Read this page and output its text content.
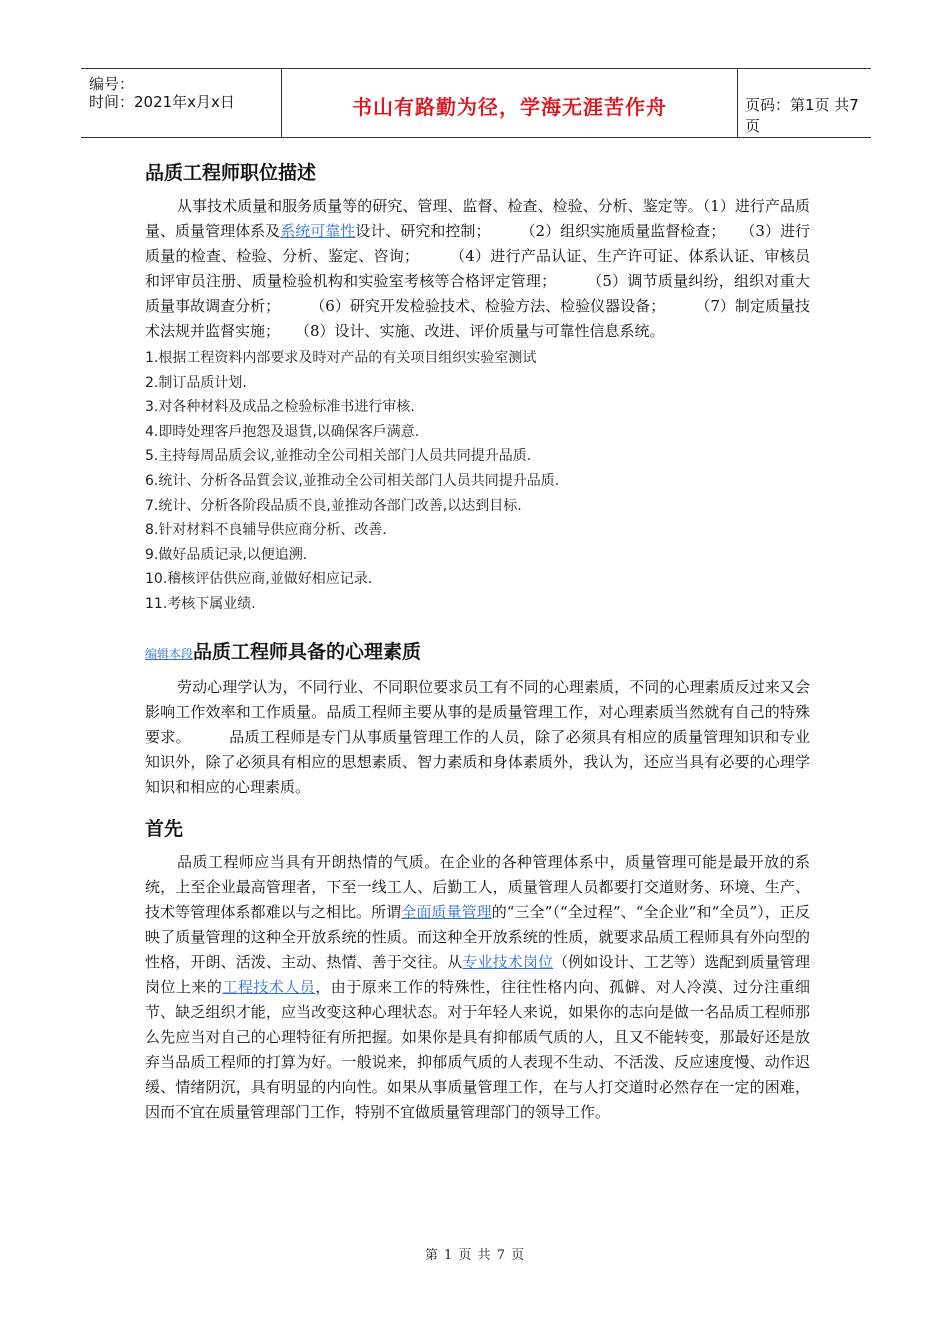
编号：
时间：2021年x月x日	书山有路勤为径，学海无涯苦作舟	页码：第1页 共7页
品质工程师职位描述
从事技术质量和服务质量等的研究、管理、监督、检查、检验、分析、鉴定等。（1）进行产品质量、质量管理体系及系统可靠性设计、研究和控制；　　　（2）组织实施质量监督检查；　　（3）进行质量的检查、检验、分析、鉴定、咨询；　　　（4）进行产品认证、生产许可证、体系认证、审核员和评审员注册、质量检验机构和实验室考核等合格评定管理；　　　（5）调节质量纠纷，组织对重大质量事故调查分析；　　　（6）研究开发检验技术、检验方法、检验仪器设备；　　　（7）制定质量技术法规并监督实施；　　（8）设计、实施、改进、评价质量与可靠性信息系统。
1.根据工程资料内部要求及時对产品的有关项目组织实验室测试
2.制订品质计划.
3.对各种材料及成品之检验标准书进行审核.
4.即時处理客戶抱怨及退貨,以确保客戶满意.
5.主持每周品质会议,並推动全公司相关部门人员共同提升品质.
6.统计、分析各品質会议,並推动全公司相关部门人员共同提升品质.
7.统计、分析各阶段品质不良,並推动各部门改善,以达到目标.
8.针对材料不良辅导供应商分析、改善.
9.做好品质记录,以便追溯.
10.稽核评估供应商,並做好相应记录.
11.考核下属业绩.
编辑本段品质工程师具备的心理素质
劳动心理学认为，不同行业、不同职位要求员工有不同的心理素质，不同的心理素质反过来又会影响工作效率和工作质量。品质工程师主要从事的是质量管理工作，对心理素质当然就有自己的特殊要求。　　　品质工程师是专门从事质量管理工作的人员，除了必须具有相应的质量管理知识和专业知识外，除了必须具有相应的思想素质、智力素质和身体素质外，我认为，还应当具有必要的心理学知识和相应的心理素质。
首先
品质工程师应当具有开朗热情的气质。在企业的各种管理体系中，质量管理可能是最开放的系统，上至企业最高管理者，下至一线工人、后勤工人，质量管理人员都要打交道财务、环境、生产、技术等管理体系都难以与之相比。所谓全面质量管理的“三全”（“全过程”、“全企业”和“全员”），正反映了质量管理的这种全开放系统的性质。而这种全开放系统的性质，就要求品质工程师具有外向型的性格，开朗、活泼、主动、热情、善于交往。从专业技术岗位（例如设计、工艺等）选配到质量管理岗位上来的工程技术人员，由于原来工作的特殊性，往往性格内向、孤僻、对人冷漠、过分注重细节、缺乏组织才能，应当改变这种心理状态。对于年轻人来说，如果你的志向是做一名品质工程师那么先应当对自己的心理特征有所把握。如果你是具有抑郁质气质的人，且又不能转变，那最好还是放弃当品质工程师的打算为好。一般说来，抑郁质气质的人表现不生动、不活泼、反应速度慢、动作迟缓、情绪阴沉，具有明显的内向性。如果从事质量管理工作，在与人打交道时必然存在一定的困难，因而不宜在质量管理部门工作，特别不宜做质量管理部门的领导工作。
第 1 页 共 7 页
